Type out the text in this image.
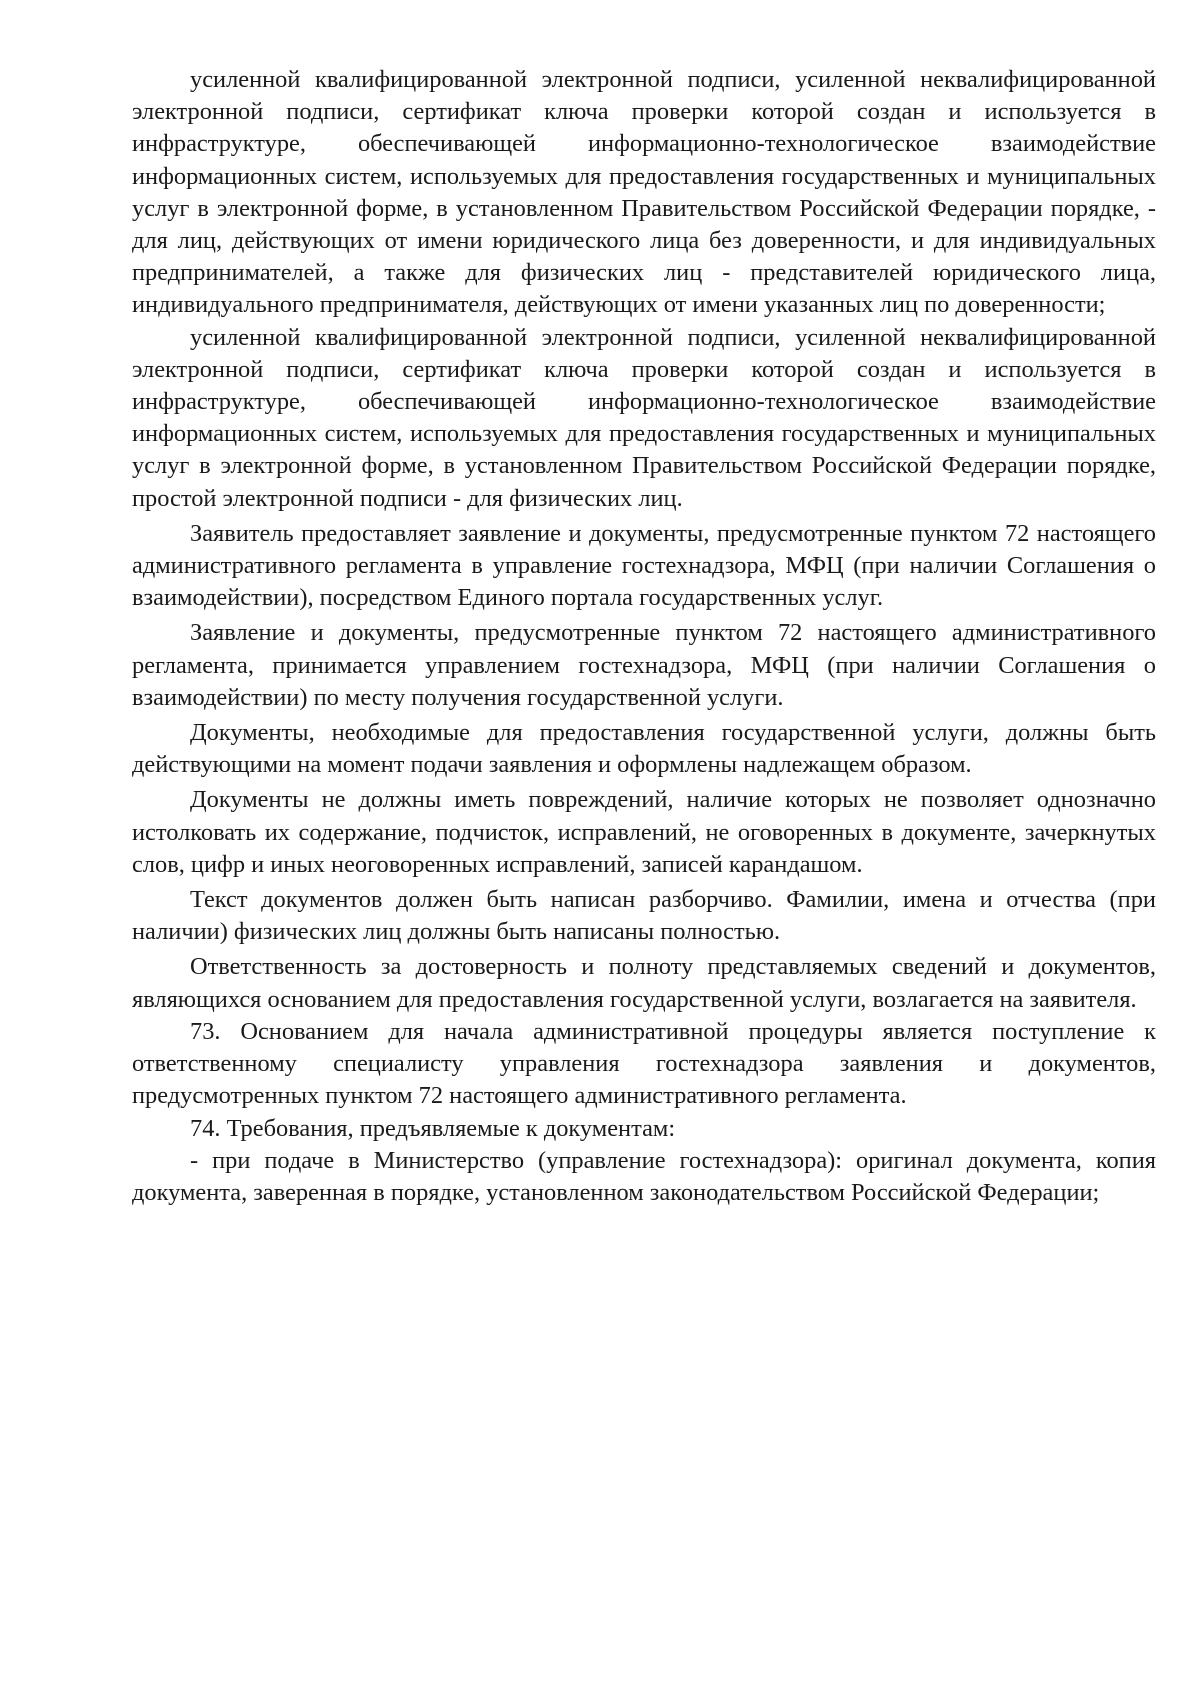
усиленной квалифицированной электронной подписи, усиленной неквалифицированной электронной подписи, сертификат ключа проверки которой создан и используется в инфраструктуре, обеспечивающей информационно-технологическое взаимодействие информационных систем, используемых для предоставления государственных и муниципальных услуг в электронной форме, в установленном Правительством Российской Федерации порядке, - для лиц, действующих от имени юридического лица без доверенности, и для индивидуальных предпринимателей, а также для физических лиц - представителей юридического лица, индивидуального предпринимателя, действующих от имени указанных лиц по доверенности;

усиленной квалифицированной электронной подписи, усиленной неквалифицированной электронной подписи, сертификат ключа проверки которой создан и используется в инфраструктуре, обеспечивающей информационно-технологическое взаимодействие информационных систем, используемых для предоставления государственных и муниципальных услуг в электронной форме, в установленном Правительством Российской Федерации порядке, простой электронной подписи - для физических лиц.

Заявитель предоставляет заявление и документы, предусмотренные пунктом 72 настоящего административного регламента в управление гостехнадзора, МФЦ (при наличии Соглашения о взаимодействии), посредством Единого портала государственных услуг.

Заявление и документы, предусмотренные пунктом 72 настоящего административного регламента, принимается управлением гостехнадзора, МФЦ (при наличии Соглашения о взаимодействии) по месту получения государственной услуги.

Документы, необходимые для предоставления государственной услуги, должны быть действующими на момент подачи заявления и оформлены надлежащем образом.

Документы не должны иметь повреждений, наличие которых не позволяет однозначно истолковать их содержание, подчисток, исправлений, не оговоренных в документе, зачеркнутых слов, цифр и иных неоговоренных исправлений, записей карандашом.

Текст документов должен быть написан разборчиво. Фамилии, имена и отчества (при наличии) физических лиц должны быть написаны полностью.

Ответственность за достоверность и полноту представляемых сведений и документов, являющихся основанием для предоставления государственной услуги, возлагается на заявителя.

73. Основанием для начала административной процедуры является поступление к ответственному специалисту управления гостехнадзора заявления и документов, предусмотренных пунктом 72 настоящего административного регламента.

74. Требования, предъявляемые к документам:

- при подаче в Министерство (управление гостехнадзора): оригинал документа, копия документа, заверенная в порядке, установленном законодательством Российской Федерации;
